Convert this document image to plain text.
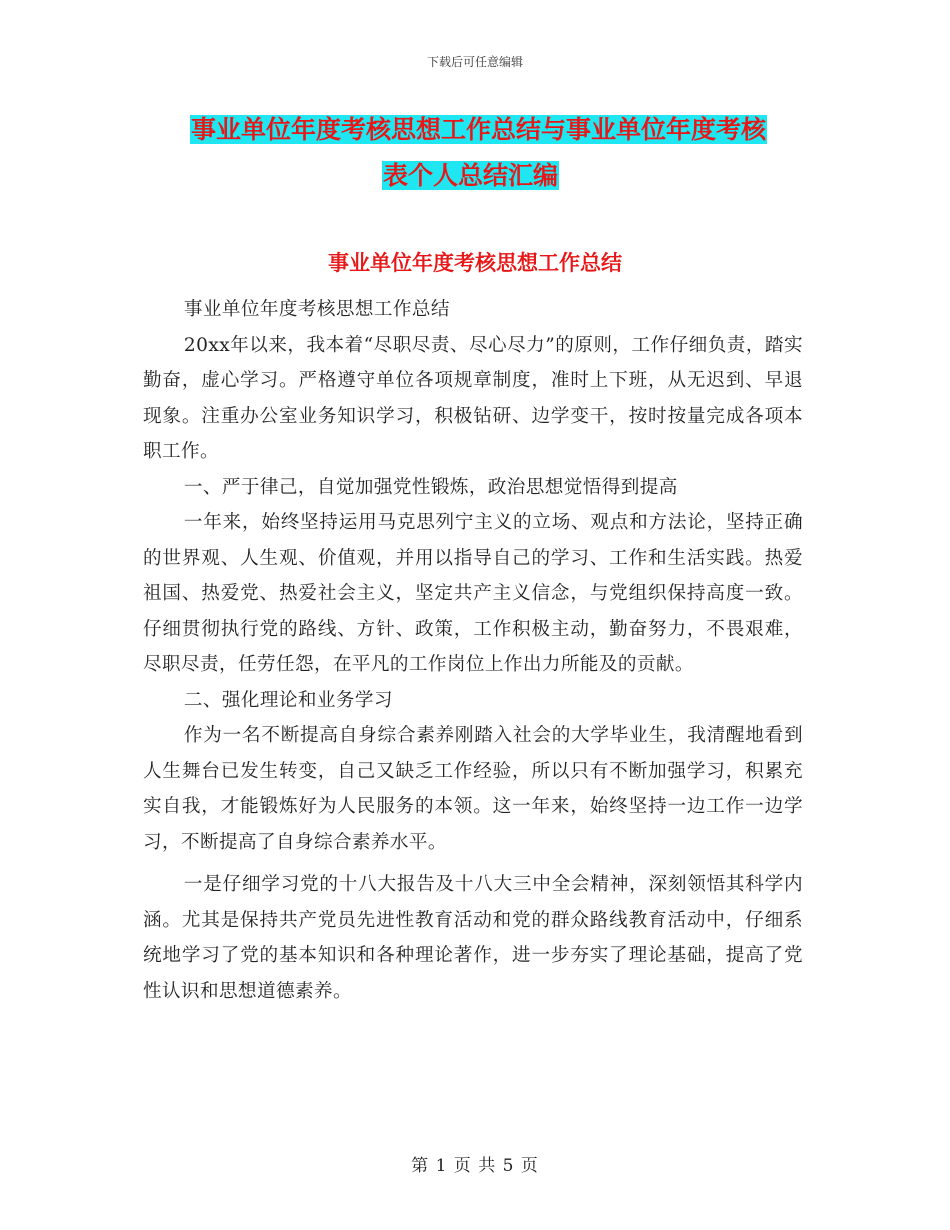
下载后可任意编辑
事业单位年度考核思想工作总结与事业单位年度考核
表个人总结汇编
事业单位年度考核思想工作总结

事业单位年度考核思想工作总结

20xx年以来，我本着“尽职尽责、尽心尽力”的原则，工作仔细负责，踏实勤奋，虚心学习。严格遵守单位各项规章制度，准时上下班，从无迟到、早退现象。注重办公室业务知识学习，积极钻研、边学变干，按时按量完成各项本职工作。

一、严于律己，自觉加强党性锻炼，政治思想觉悟得到提高

一年来，始终坚持运用马克思列宁主义的立场、观点和方法论，坚持正确的世界观、人生观、价值观，并用以指导自己的学习、工作和生活实践。热爱祖国、热爱党、热爱社会主义，坚定共产主义信念，与党组织保持高度一致。仔细贯彻执行党的路线、方针、政策，工作积极主动，勤奋努力，不畏艰难，尽职尽责，任劳任怨，在平凡的工作岗位上作出力所能及的贡献。

二、强化理论和业务学习

作为一名不断提高自身综合素养刚踏入社会的大学毕业生，我清醒地看到人生舞台已发生转变，自己又缺乏工作经验，所以只有不断加强学习，积累充实自我，才能锻炼好为人民服务的本领。这一年来，始终坚持一边工作一边学习，不断提高了自身综合素养水平。

一是仔细学习党的十八大报告及十八大三中全会精神，深刻领悟其科学内涵。尤其是保持共产党员先进性教育活动和党的群众路线教育活动中，仔细系统地学习了党的基本知识和各种理论著作，进一步夯实了理论基础，提高了党性认识和思想道德素养。

第 1 页 共 5 页
